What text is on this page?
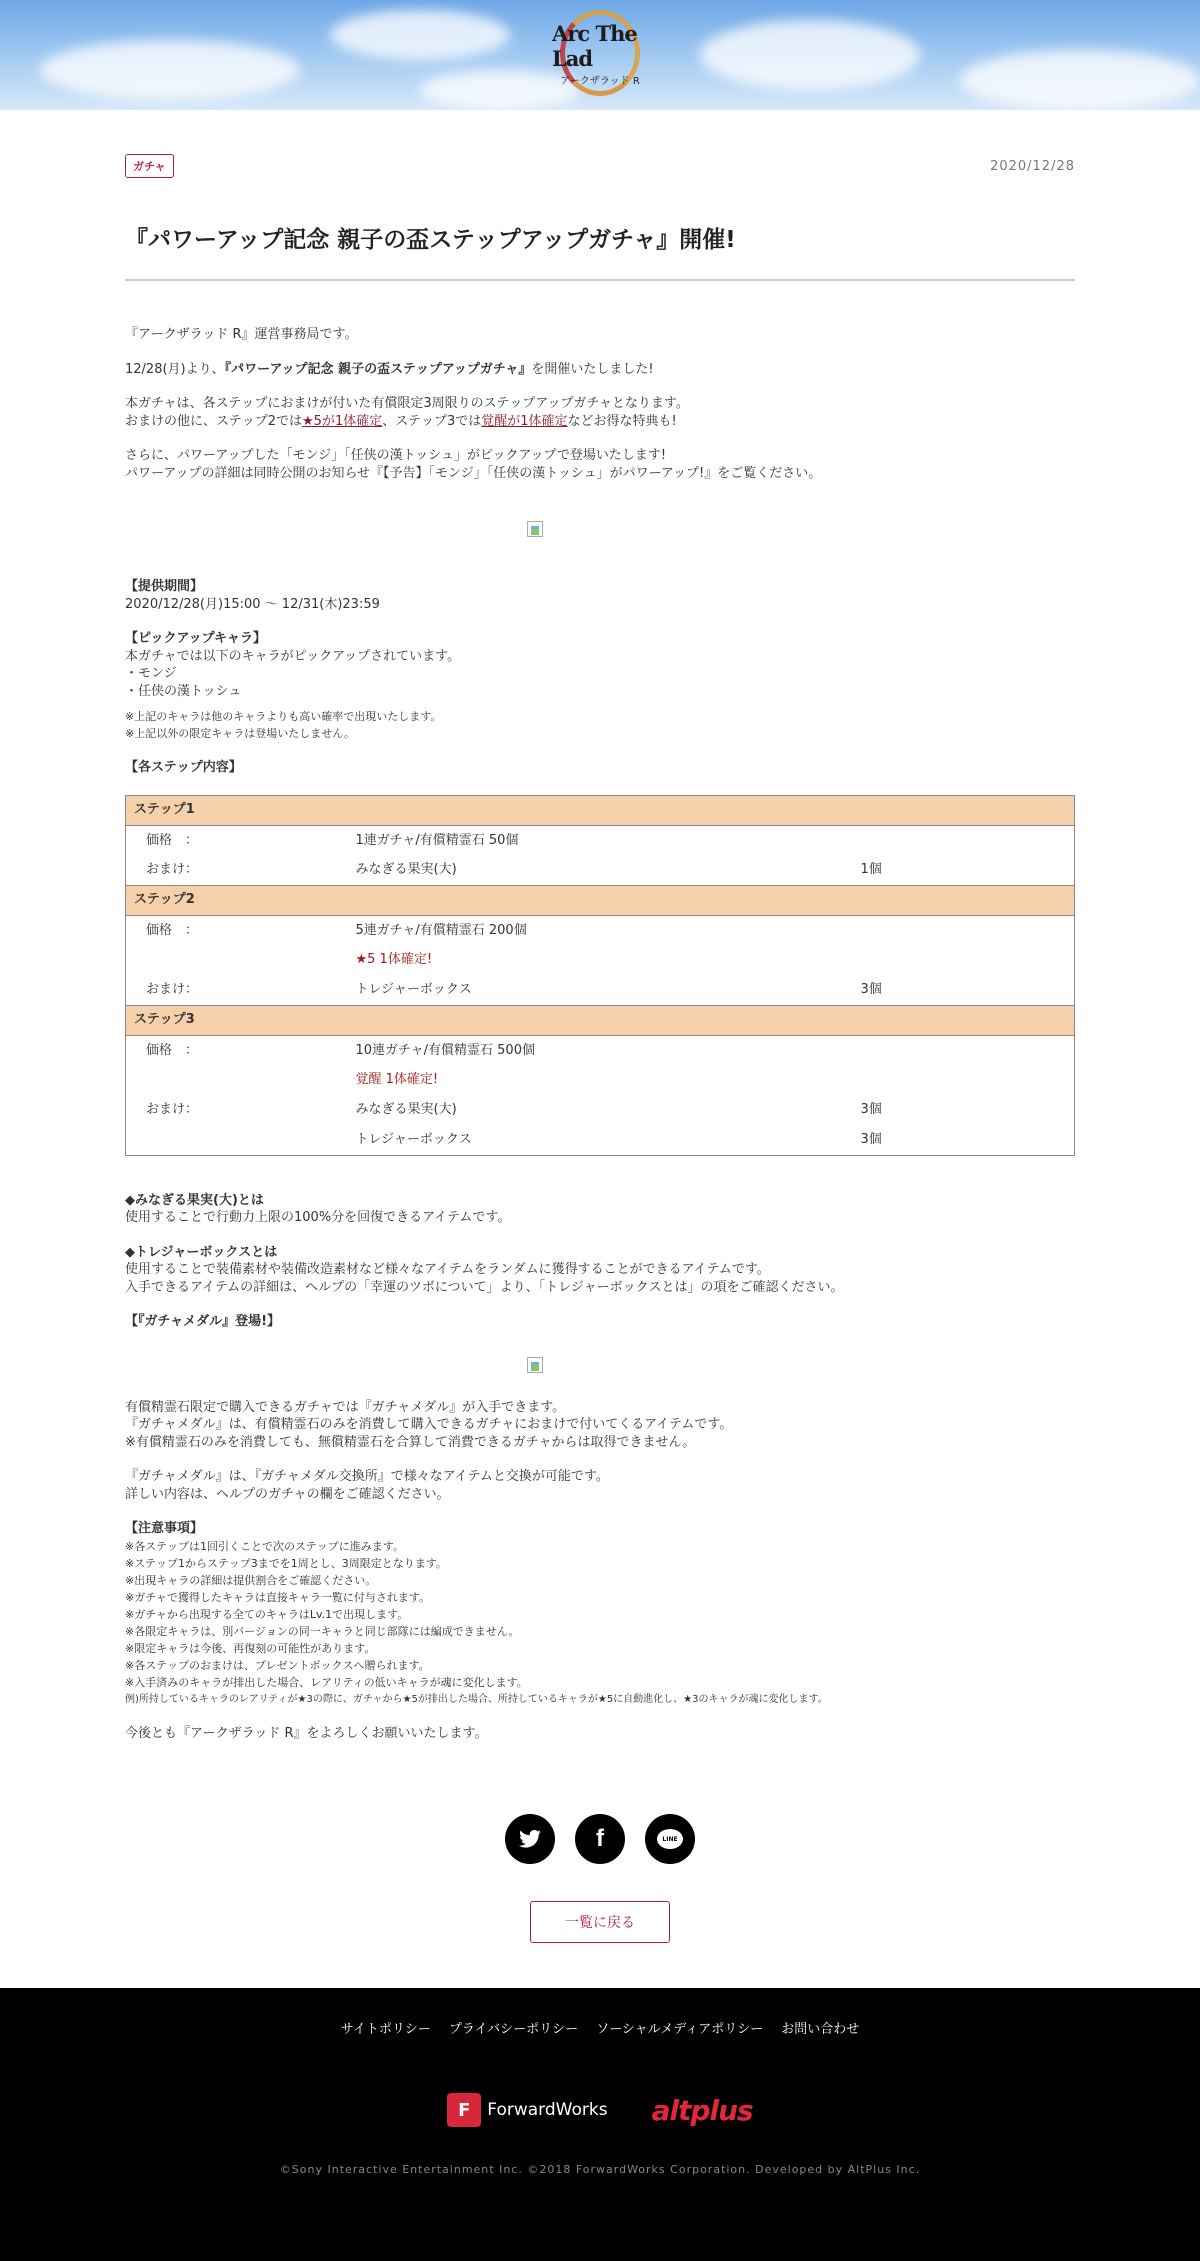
Arc The Lad
アークザラッド R
ガチャ	2020/12/28
『パワーアップ記念 親子の盃ステップアップガチャ』開催!
『アークザラッド R』運営事務局です。
12/28(月)より、『パワーアップ記念 親子の盃ステップアップガチャ』を開催いたしました!
本ガチャは、各ステップにおまけが付いた有償限定3周限りのステップアップガチャとなります。
おまけの他に、ステップ2では★5が1体確定、ステップ3では覚醒が1体確定などお得な特典も!
さらに、パワーアップした「モンジ」「任侠の漢トッシュ」がピックアップで登場いたします!
パワーアップの詳細は同時公開のお知らせ『【予告】「モンジ」「任侠の漢トッシュ」がパワーアップ!』をご覧ください。
【提供期間】
2020/12/28(月)15:00 ～ 12/31(木)23:59
【ピックアップキャラ】
本ガチャでは以下のキャラがピックアップされています。
・モンジ
・任侠の漢トッシュ
※上記のキャラは他のキャラよりも高い確率で出現いたします。
※上記以外の限定キャラは登場いたしません。
【各ステップ内容】
ステップ1		
価格　：	1連ガチャ/有償精霊石 50個	
おまけ：	みなぎる果実(大)	1個
ステップ2		
価格　：	5連ガチャ/有償精霊石 200個	
	★5 1体確定!	
おまけ：	トレジャーボックス	3個
ステップ3		
価格　：	10連ガチャ/有償精霊石 500個	
	覚醒 1体確定!	
おまけ：	みなぎる果実(大)	3個
	トレジャーボックス	3個
◆みなぎる果実(大)とは
使用することで行動力上限の100%分を回復できるアイテムです。
◆トレジャーボックスとは
使用することで装備素材や装備改造素材など様々なアイテムをランダムに獲得することができるアイテムです。
入手できるアイテムの詳細は、ヘルプの「幸運のツボについて」より、「トレジャーボックスとは」の項をご確認ください。
【『ガチャメダル』登場!】
有償精霊石限定で購入できるガチャでは『ガチャメダル』が入手できます。
『ガチャメダル』は、有償精霊石のみを消費して購入できるガチャにおまけで付いてくるアイテムです。
※有償精霊石のみを消費しても、無償精霊石を合算して消費できるガチャからは取得できません。
『ガチャメダル』は、『ガチャメダル交換所』で様々なアイテムと交換が可能です。
詳しい内容は、ヘルプのガチャの欄をご確認ください。
【注意事項】
※各ステップは1回引くことで次のステップに進みます。
※ステップ1からステップ3までを1周とし、3周限定となります。
※出現キャラの詳細は提供割合をご確認ください。
※ガチャで獲得したキャラは直接キャラ一覧に付与されます。
※ガチャから出現する全てのキャラはLv.1で出現します。
※各限定キャラは、別バージョンの同一キャラと同じ部隊には編成できません。
※限定キャラは今後、再復刻の可能性があります。
※各ステップのおまけは、プレゼントボックスへ贈られます。
※入手済みのキャラが排出した場合、レアリティの低いキャラが魂に変化します。
例)所持しているキャラのレアリティが★3の際に、ガチャから★5が排出した場合、所持しているキャラが★5に自動進化し、★3のキャラが魂に変化します。
今後とも『アークザラッド R』をよろしくお願いいたします。
f	LINE
一覧に戻る
サイトポリシー プライバシーポリシー ソーシャルメディアポリシー お問い合わせ
F ForwardWorks altplus
©Sony Interactive Entertainment Inc. ©2018 ForwardWorks Corporation. Developed by AltPlus Inc.
